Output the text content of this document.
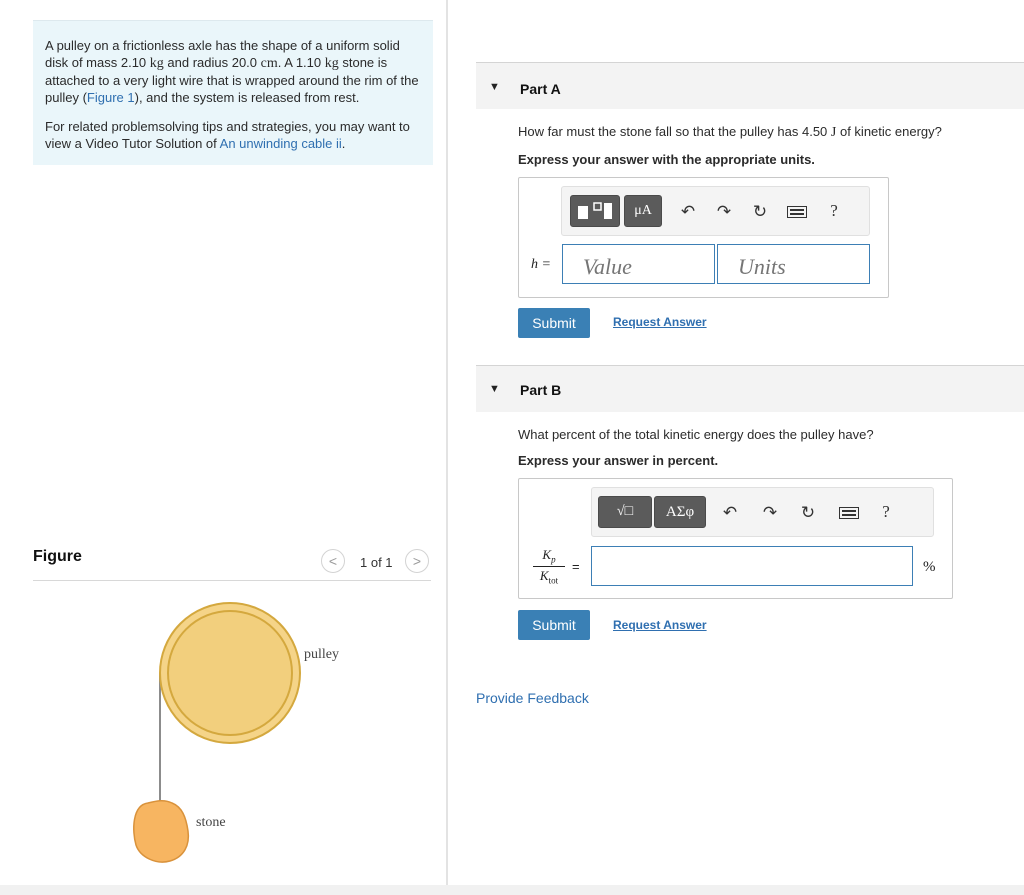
A pulley on a frictionless axle has the shape of a uniform solid disk of mass 2.10 kg and radius 20.0 cm. A 1.10 kg stone is attached to a very light wire that is wrapped around the rim of the pulley (Figure 1), and the system is released from rest.

For related problemsolving tips and strategies, you may want to view a Video Tutor Solution of An unwinding cable ii.

Figure	< 1 of 1 >
pulley
stone
▼ Part A
How far must the stone fall so that the pulley has 4.50 J of kinetic energy?
Express your answer with the appropriate units.
μA ↶ ↷ ↻	?
h =
Value
Units
Submit	Request Answer
▼ Part B
What percent of the total kinetic energy does the pulley have?
Express your answer in percent.
√□ ΑΣφ ↶ ↷ ↻	?
$K_p$
$K_{tot}$
=	%
Submit	Request Answer
Provide Feedback
